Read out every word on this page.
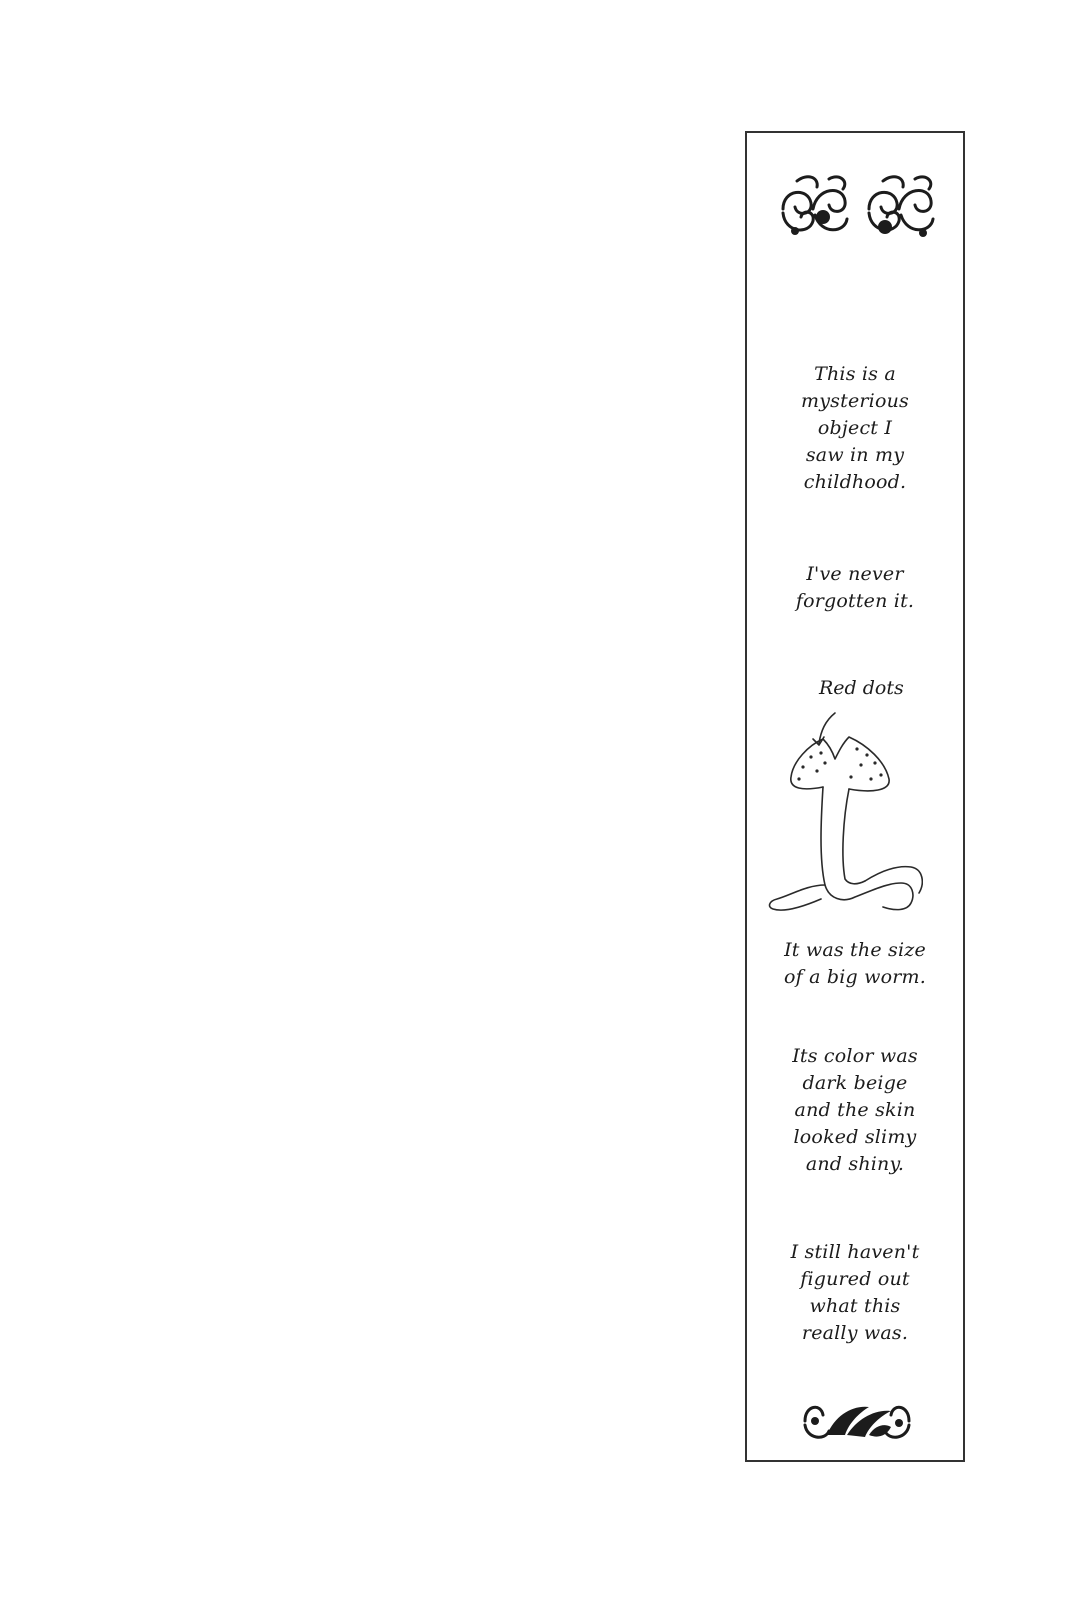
This is a
mysterious
object I
saw in my
childhood.
I've never
forgotten it.
Red dots
It was the size
of a big worm.
Its color was
dark beige
and the skin
looked slimy
and shiny.
I still haven't
figured out
what this
really was.
